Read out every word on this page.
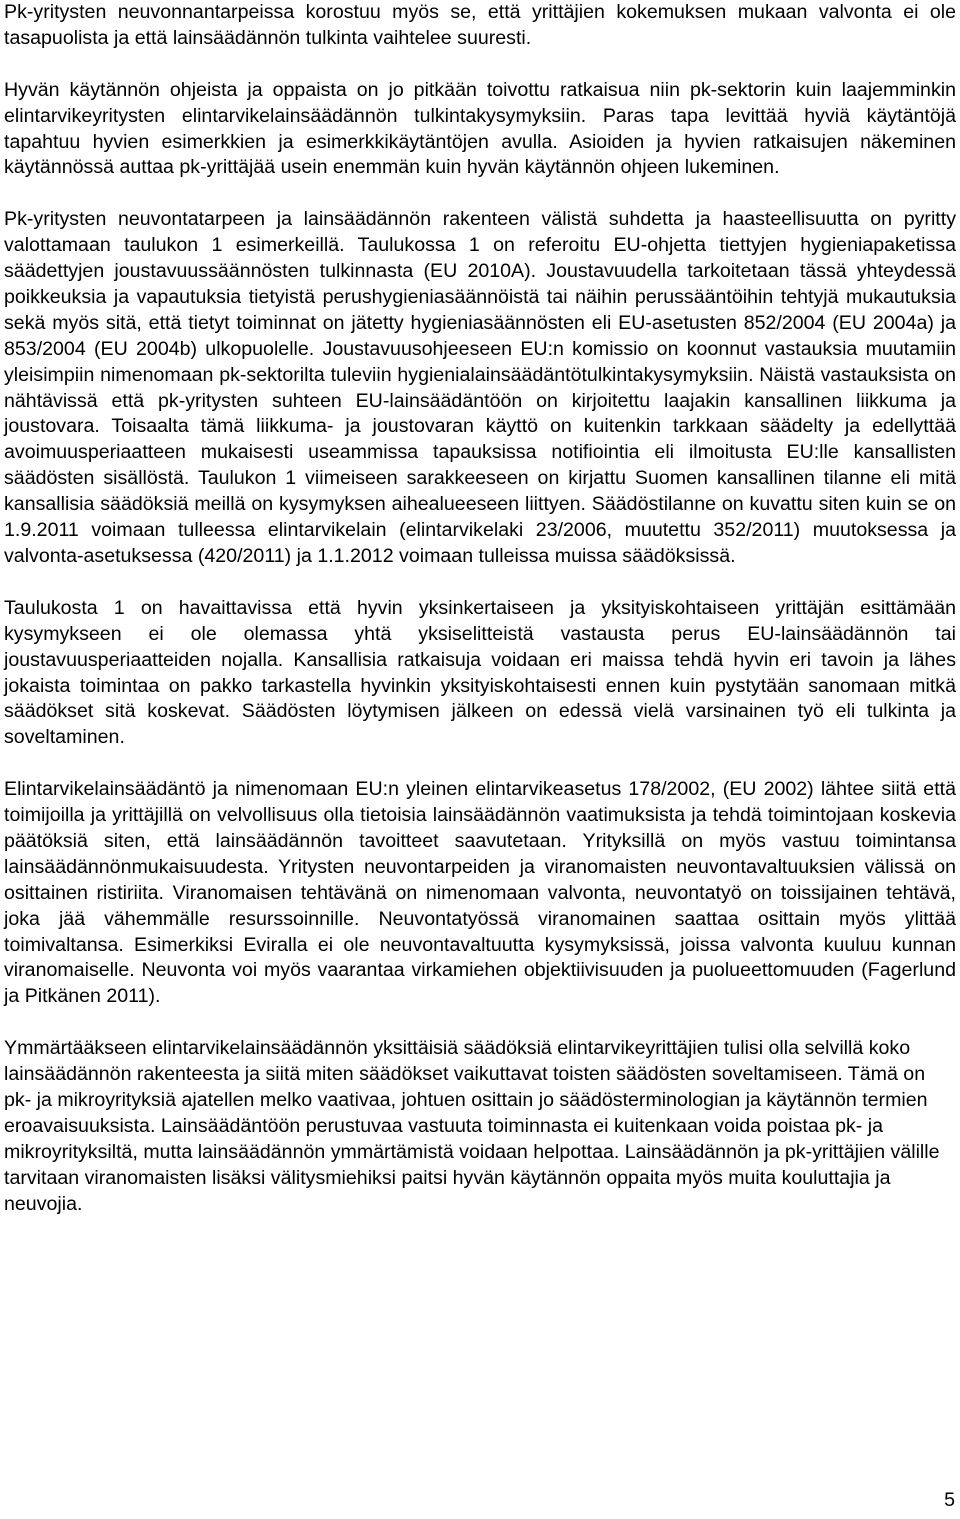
Pk-yritysten neuvonnantarpeissa korostuu myös se, että yrittäjien kokemuksen mukaan valvonta ei ole tasapuolista ja että lainsäädännön tulkinta vaihtelee suuresti.

Hyvän käytännön ohjeista ja oppaista on jo pitkään toivottu ratkaisua niin pk-sektorin kuin laajemminkin elintarvikeyritysten elintarvikelainsäädännön tulkintakysymyksiin. Paras tapa levittää hyviä käytäntöjä tapahtuu hyvien esimerkkien ja esimerkkikäytäntöjen avulla. Asioiden ja hyvien ratkaisujen näkeminen käytännössä auttaa pk-yrittäjää usein enemmän kuin hyvän käytännön ohjeen lukeminen.

Pk-yritysten neuvontatarpeen ja lainsäädännön rakenteen välistä suhdetta ja haasteellisuutta on pyritty valottamaan taulukon 1 esimerkeillä. Taulukossa 1 on referoitu EU-ohjetta tiettyjen hygieniapaketissa säädettyjen joustavuussäännösten tulkinnasta (EU 2010A). Joustavuudella tarkoitetaan tässä yhteydessä poikkeuksia ja vapautuksia tietyistä perushygieniasäännöistä tai näihin perussääntöihin tehtyjä mukautuksia sekä myös sitä, että tietyt toiminnat on jätetty hygieniasäännösten eli EU-asetusten 852/2004 (EU 2004a) ja 853/2004 (EU 2004b) ulkopuolelle. Joustavuusohjeeseen EU:n komissio on koonnut vastauksia muutamiin yleisimpiin nimenomaan pk-sektorilta tuleviin hygienialainsäädäntötulkintakysymyksiin. Näistä vastauksista on nähtävissä että pk-yritysten suhteen EU-lainsäädäntöön on kirjoitettu laajakin kansallinen liikkuma ja joustovara. Toisaalta tämä liikkuma- ja joustovaran käyttö on kuitenkin tarkkaan säädelty ja edellyttää avoimuusperiaatteen mukaisesti useammissa tapauksissa notifiointia eli ilmoitusta EU:lle kansallisten säädösten sisällöstä. Taulukon 1 viimeiseen sarakkeeseen on kirjattu Suomen kansallinen tilanne eli mitä kansallisia säädöksiä meillä on kysymyksen aihealueeseen liittyen. Säädöstilanne on kuvattu siten kuin se on 1.9.2011 voimaan tulleessa elintarvikelain (elintarvikelaki 23/2006, muutettu 352/2011) muutoksessa ja valvonta-asetuksessa (420/2011) ja 1.1.2012 voimaan tulleissa muissa säädöksissä.

Taulukosta 1 on havaittavissa että hyvin yksinkertaiseen ja yksityiskohtaiseen yrittäjän esittämään kysymykseen ei ole olemassa yhtä yksiselitteistä vastausta perus EU-lainsäädännön tai joustavuusperiaatteiden nojalla. Kansallisia ratkaisuja voidaan eri maissa tehdä hyvin eri tavoin ja lähes jokaista toimintaa on pakko tarkastella hyvinkin yksityiskohtaisesti ennen kuin pystytään sanomaan mitkä säädökset sitä koskevat. Säädösten löytymisen jälkeen on edessä vielä varsinainen työ eli tulkinta ja soveltaminen.

Elintarvikelainsäädäntö ja nimenomaan EU:n yleinen elintarvikeasetus 178/2002, (EU 2002) lähtee siitä että toimijoilla ja yrittäjillä on velvollisuus olla tietoisia lainsäädännön vaatimuksista ja tehdä toimintojaan koskevia päätöksiä siten, että lainsäädännön tavoitteet saavutetaan. Yrityksillä on myös vastuu toimintansa lainsäädännönmukaisuudesta. Yritysten neuvontarpeiden ja viranomaisten neuvontavaltuuksien välissä on osittainen ristiriita. Viranomaisen tehtävänä on nimenomaan valvonta, neuvontatyö on toissijainen tehtävä, joka jää vähemmälle resurssoinnille. Neuvontatyössä viranomainen saattaa osittain myös ylittää toimivaltansa. Esimerkiksi Eviralla ei ole neuvontavaltuutta kysymyksissä, joissa valvonta kuuluu kunnan viranomaiselle. Neuvonta voi myös vaarantaa virkamiehen objektiivisuuden ja puolueettomuuden (Fagerlund ja Pitkänen 2011).

Ymmärtääkseen elintarvikelainsäädännön yksittäisiä säädöksiä elintarvikeyrittäjien tulisi olla selvillä koko lainsäädännön rakenteesta ja siitä miten säädökset vaikuttavat toisten säädösten soveltamiseen. Tämä on pk- ja mikroyrityksiä ajatellen melko vaativaa, johtuen osittain jo säädösterminologian ja käytännön termien eroavaisuuksista. Lainsäädäntöön perustuvaa vastuuta toiminnasta ei kuitenkaan voida poistaa pk- ja mikroyrityksiltä, mutta lainsäädännön ymmärtämistä voidaan helpottaa. Lainsäädännön ja pk-yrittäjien välille tarvitaan viranomaisten lisäksi välitysmiehiksi paitsi hyvän käytännön oppaita myös muita kouluttajia ja neuvojia.

5
